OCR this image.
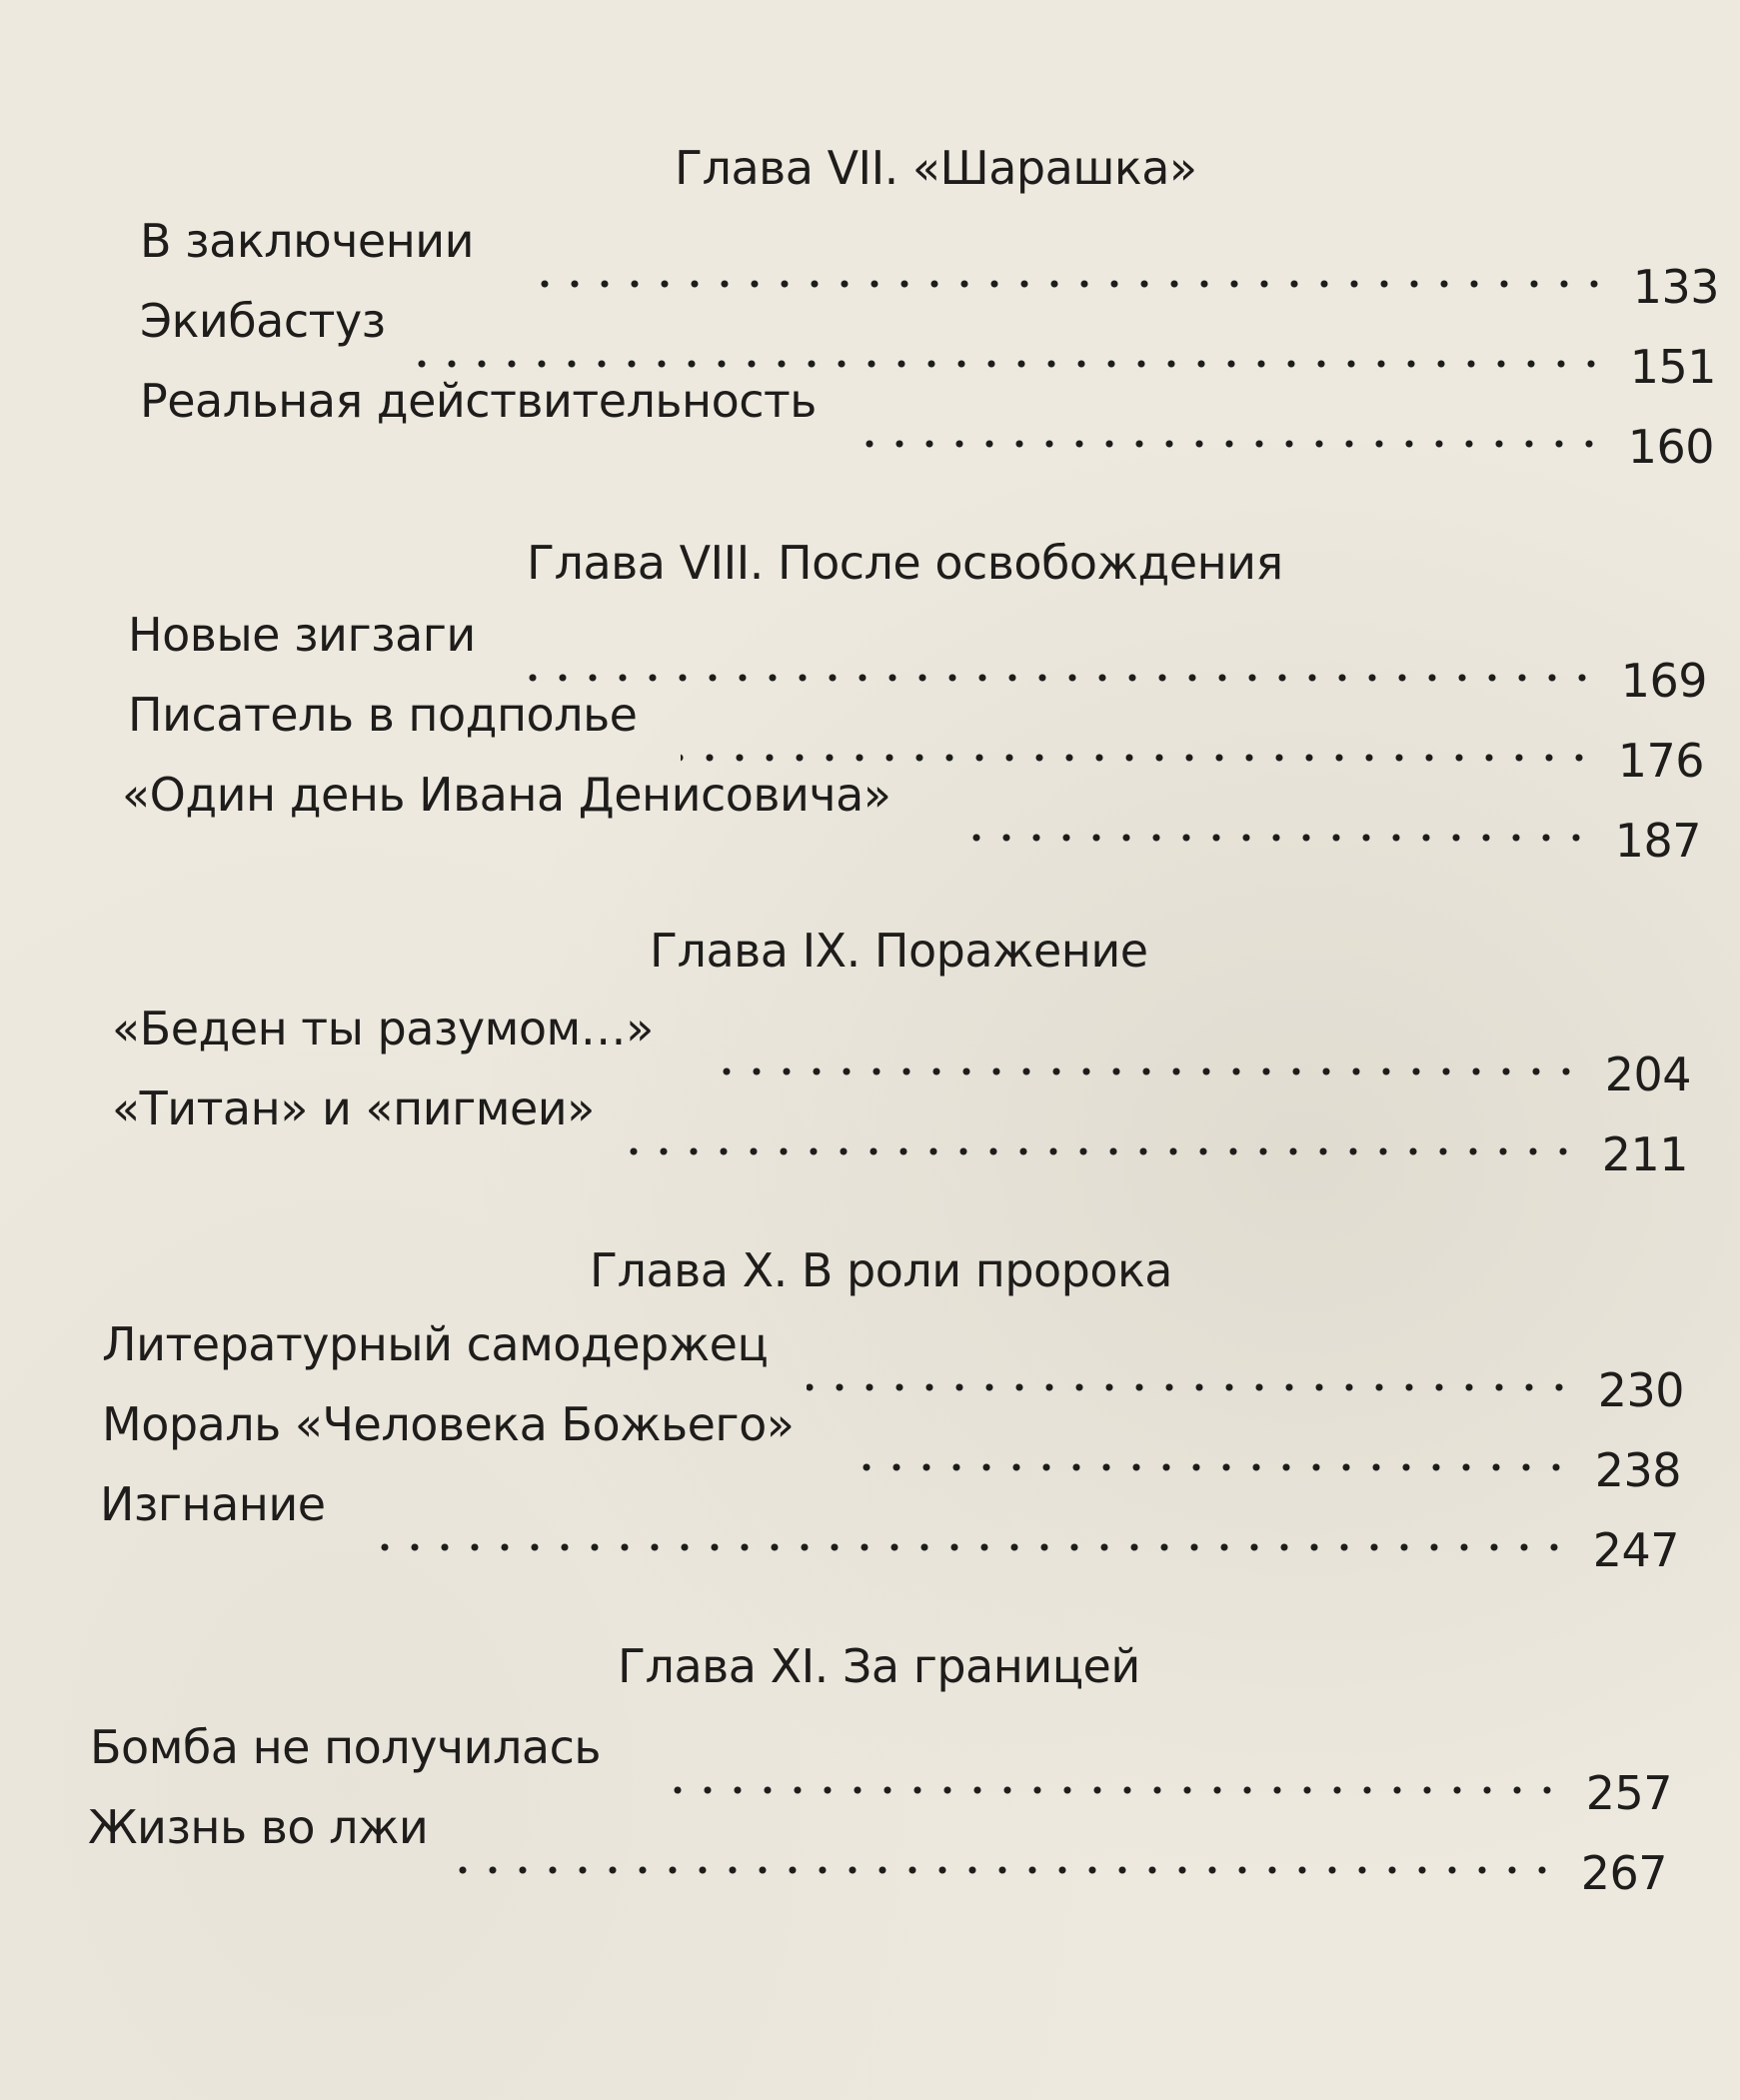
Глава VII. «Шарашка»
В заключении
133
Экибастуз
151
Реальная действительность
160
Глава VIII. После освобождения
Новые зигзаги
169
Писатель в подполье
176
«Один день Ивана Денисовича»
187
Глава IX. Поражение
«Беден ты разумом…»
204
«Титан» и «пигмеи»
211
Глава X. В роли пророка
Литературный самодержец
230
Мораль «Человека Божьего»
238
Изгнание
247
Глава XI. За границей
Бомба не получилась
257
Жизнь во лжи
267
